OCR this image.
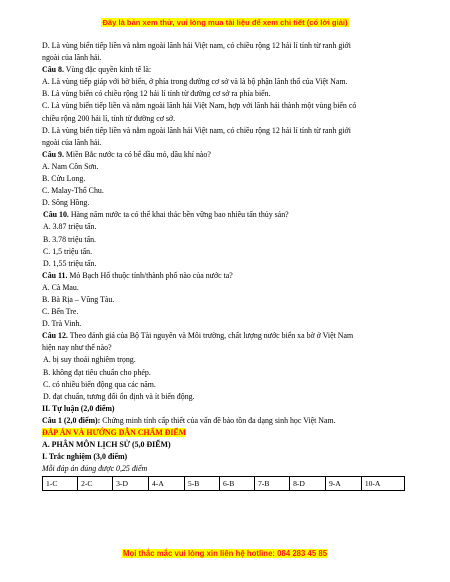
Đây là bản xem thử, vui lòng mua tài liệu để xem chi tiết (có lời giải)

D. Là vùng biển tiếp liền và nằm ngoài lãnh hải Việt nam, có chiều rộng 12 hải lí tính từ ranh giới

ngoài của lãnh hải.

Câu 8. Vùng đặc quyền kinh tế là:

A. Là vùng tiếp giáp với bờ biển, ở phía trong đường cơ sở và là bộ phận lãnh thổ của Việt Nam.

B. Là vùng biển có chiều rộng 12 hải lí tính từ đường cơ sở ra phía biển.

C. Là vùng biển tiếp liền và nằm ngoài lãnh hải Việt Nam, hợp với lãnh hải thành một vùng biển có

chiều rộng 200 hải lí, tính từ đường cơ sở.

D. Là vùng biển tiếp liền và nằm ngoài lãnh hải Việt nam, có chiều rộng 12 hải lí tính từ ranh giới

ngoài của lãnh hải.

Câu 9. Miền Bắc nước ta có bể dầu mỏ, dầu khí nào?

A. Nam Côn Sơn.

B. Cửu Long.

C. Malay-Thổ Chu.

D. Sông Hồng.

Câu 10. Hàng năm nước ta có thể khai thác bền vững bao nhiêu tấn thủy sản?

A. 3.87 triệu tấn.

B. 3.78 triệu tấn.

C. 1,5 triệu tấn.

D. 1,55 triệu tấn.

Câu 11. Mỏ Bạch Hổ thuộc tỉnh/thành phố nào của nước ta?

A. Cà Mau.

B. Bà Rịa – Vũng Tàu.

C. Bến Tre.

D. Trà Vinh.

Câu 12. Theo đánh giá của Bộ Tài nguyên và Môi trường, chất lượng nước biển xa bờ ở Việt Nam

hiện nay như thế nào?

A. bị suy thoái nghiêm trọng.

B. không đạt tiêu chuẩn cho phép.

C. có nhiều biến động qua các năm.

D. đạt chuẩn, tương đối ổn định và ít biến động.

II. Tự luận (2,0 điểm)

Câu 1 (2,0 điểm): Chứng minh tính cấp thiết của vấn đề bảo tồn đa dạng sinh học Việt Nam.

ĐÁP ÁN VÀ HƯỚNG DẪN CHẤM ĐIỂM

A. PHÂN MÔN LỊCH SỬ (5,0 ĐIỂM)

I. Trắc nghiệm (3,0 điểm)

Mỗi đáp án đúng được 0,25 điểm

1-C	2-C	3-D	4-A	5-B	6-B	7-B	8-D	9-A	10-A
Mọi thắc mắc vui lòng xin liên hệ hotline: 084 283 45 85
